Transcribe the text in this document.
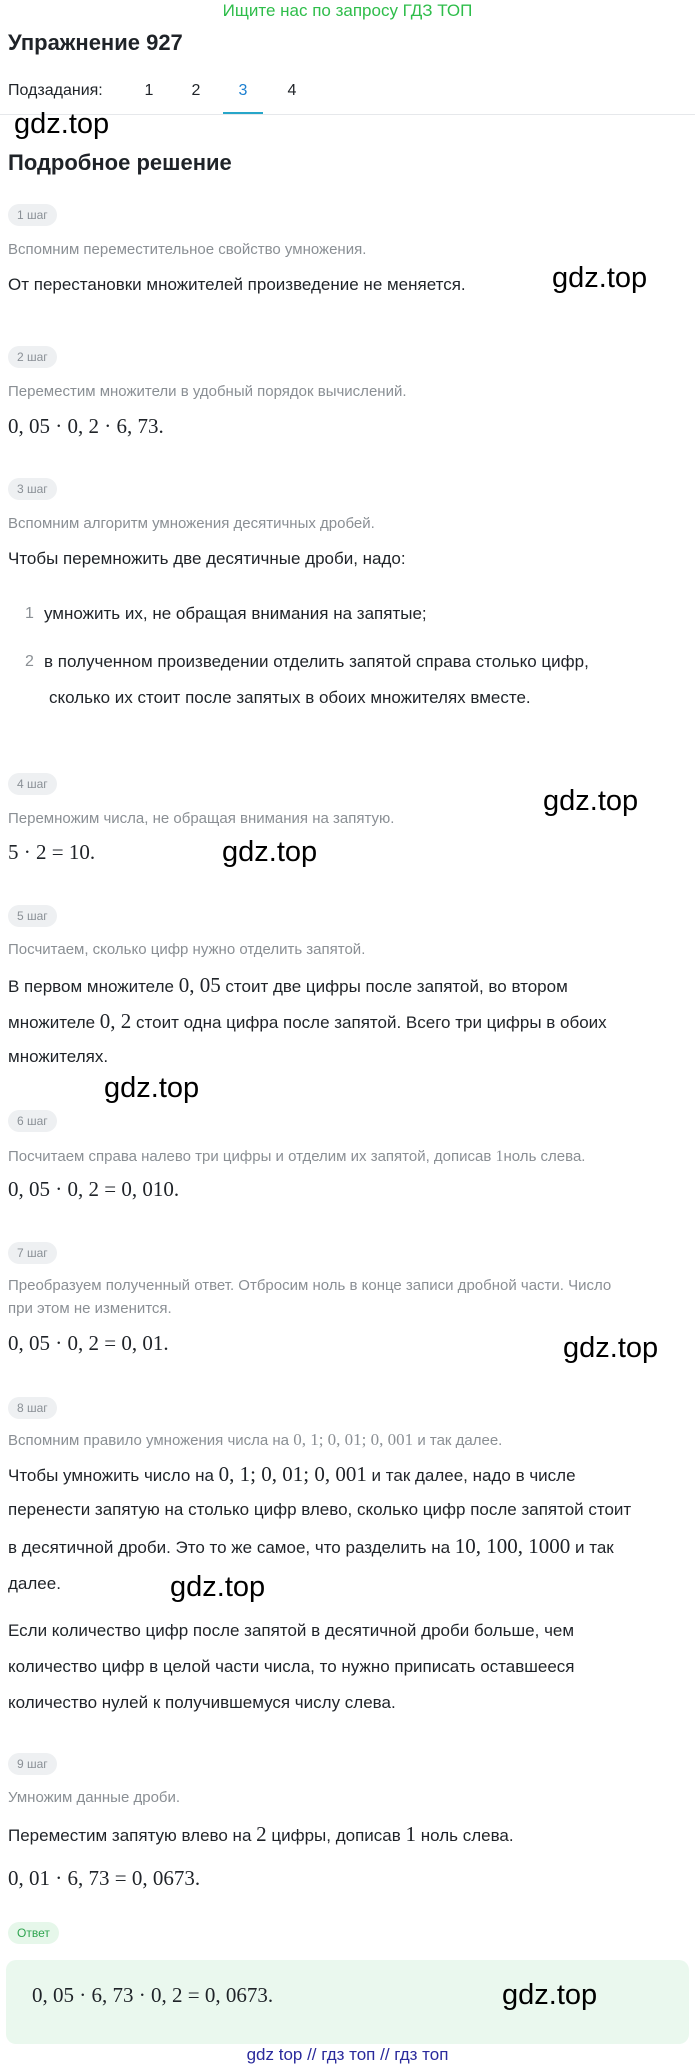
Ищите нас по запросу ГДЗ ТОП
Упражнение 927
Подзадания:	1	2	3	4
gdz.top
Подробное решение
1 шаг
Вспомним переместительное свойство умножения.
От перестановки множителей произведение не меняется.	gdz.top
2 шаг
Переместим множители в удобный порядок вычислений.
0, 05 · 0, 2 · 6, 73.
3 шаг
Вспомним алгоритм умножения десятичных дробей.
Чтобы перемножить две десятичные дроби, надо:
1 умножить их, не обращая внимания на запятые;
2 в полученном произведении отделить запятой справа столько цифр,
сколько их стоит после запятых в обоих множителях вместе.
4 шаг
gdz.top
Перемножим числа, не обращая внимания на запятую.
5 · 2 = 10.	gdz.top
5 шаг
Посчитаем, сколько цифр нужно отделить запятой.
В первом множителе 0, 05 стоит две цифры после запятой, во втором
множителе 0, 2 стоит одна цифра после запятой. Всего три цифры в обоих
множителях.
gdz.top
6 шаг
Посчитаем справа налево три цифры и отделим их запятой, дописав 1ноль слева.
0, 05 · 0, 2 = 0, 010.
7 шаг
Преобразуем полученный ответ. Отбросим ноль в конце записи дробной части. Число
при этом не изменится.
0, 05 · 0, 2 = 0, 01.	gdz.top
8 шаг
Вспомним правило умножения числа на 0, 1; 0, 01; 0, 001 и так далее.
Чтобы умножить число на 0, 1; 0, 01; 0, 001 и так далее, надо в числе
перенести запятую на столько цифр влево, сколько цифр после запятой стоит
в десятичной дроби. Это то же самое, что разделить на 10, 100, 1000 и так
далее.	gdz.top
Если количество цифр после запятой в десятичной дроби больше, чем
количество цифр в целой части числа, то нужно приписать оставшееся
количество нулей к получившемуся числу слева.
9 шаг
Умножим данные дроби.
Переместим запятую влево на 2 цифры, дописав 1 ноль слева.
0, 01 · 6, 73 = 0, 0673.
Ответ
0, 05 · 6, 73 · 0, 2 = 0, 0673.	gdz.top
gdz top // гдз топ // гдз топ
